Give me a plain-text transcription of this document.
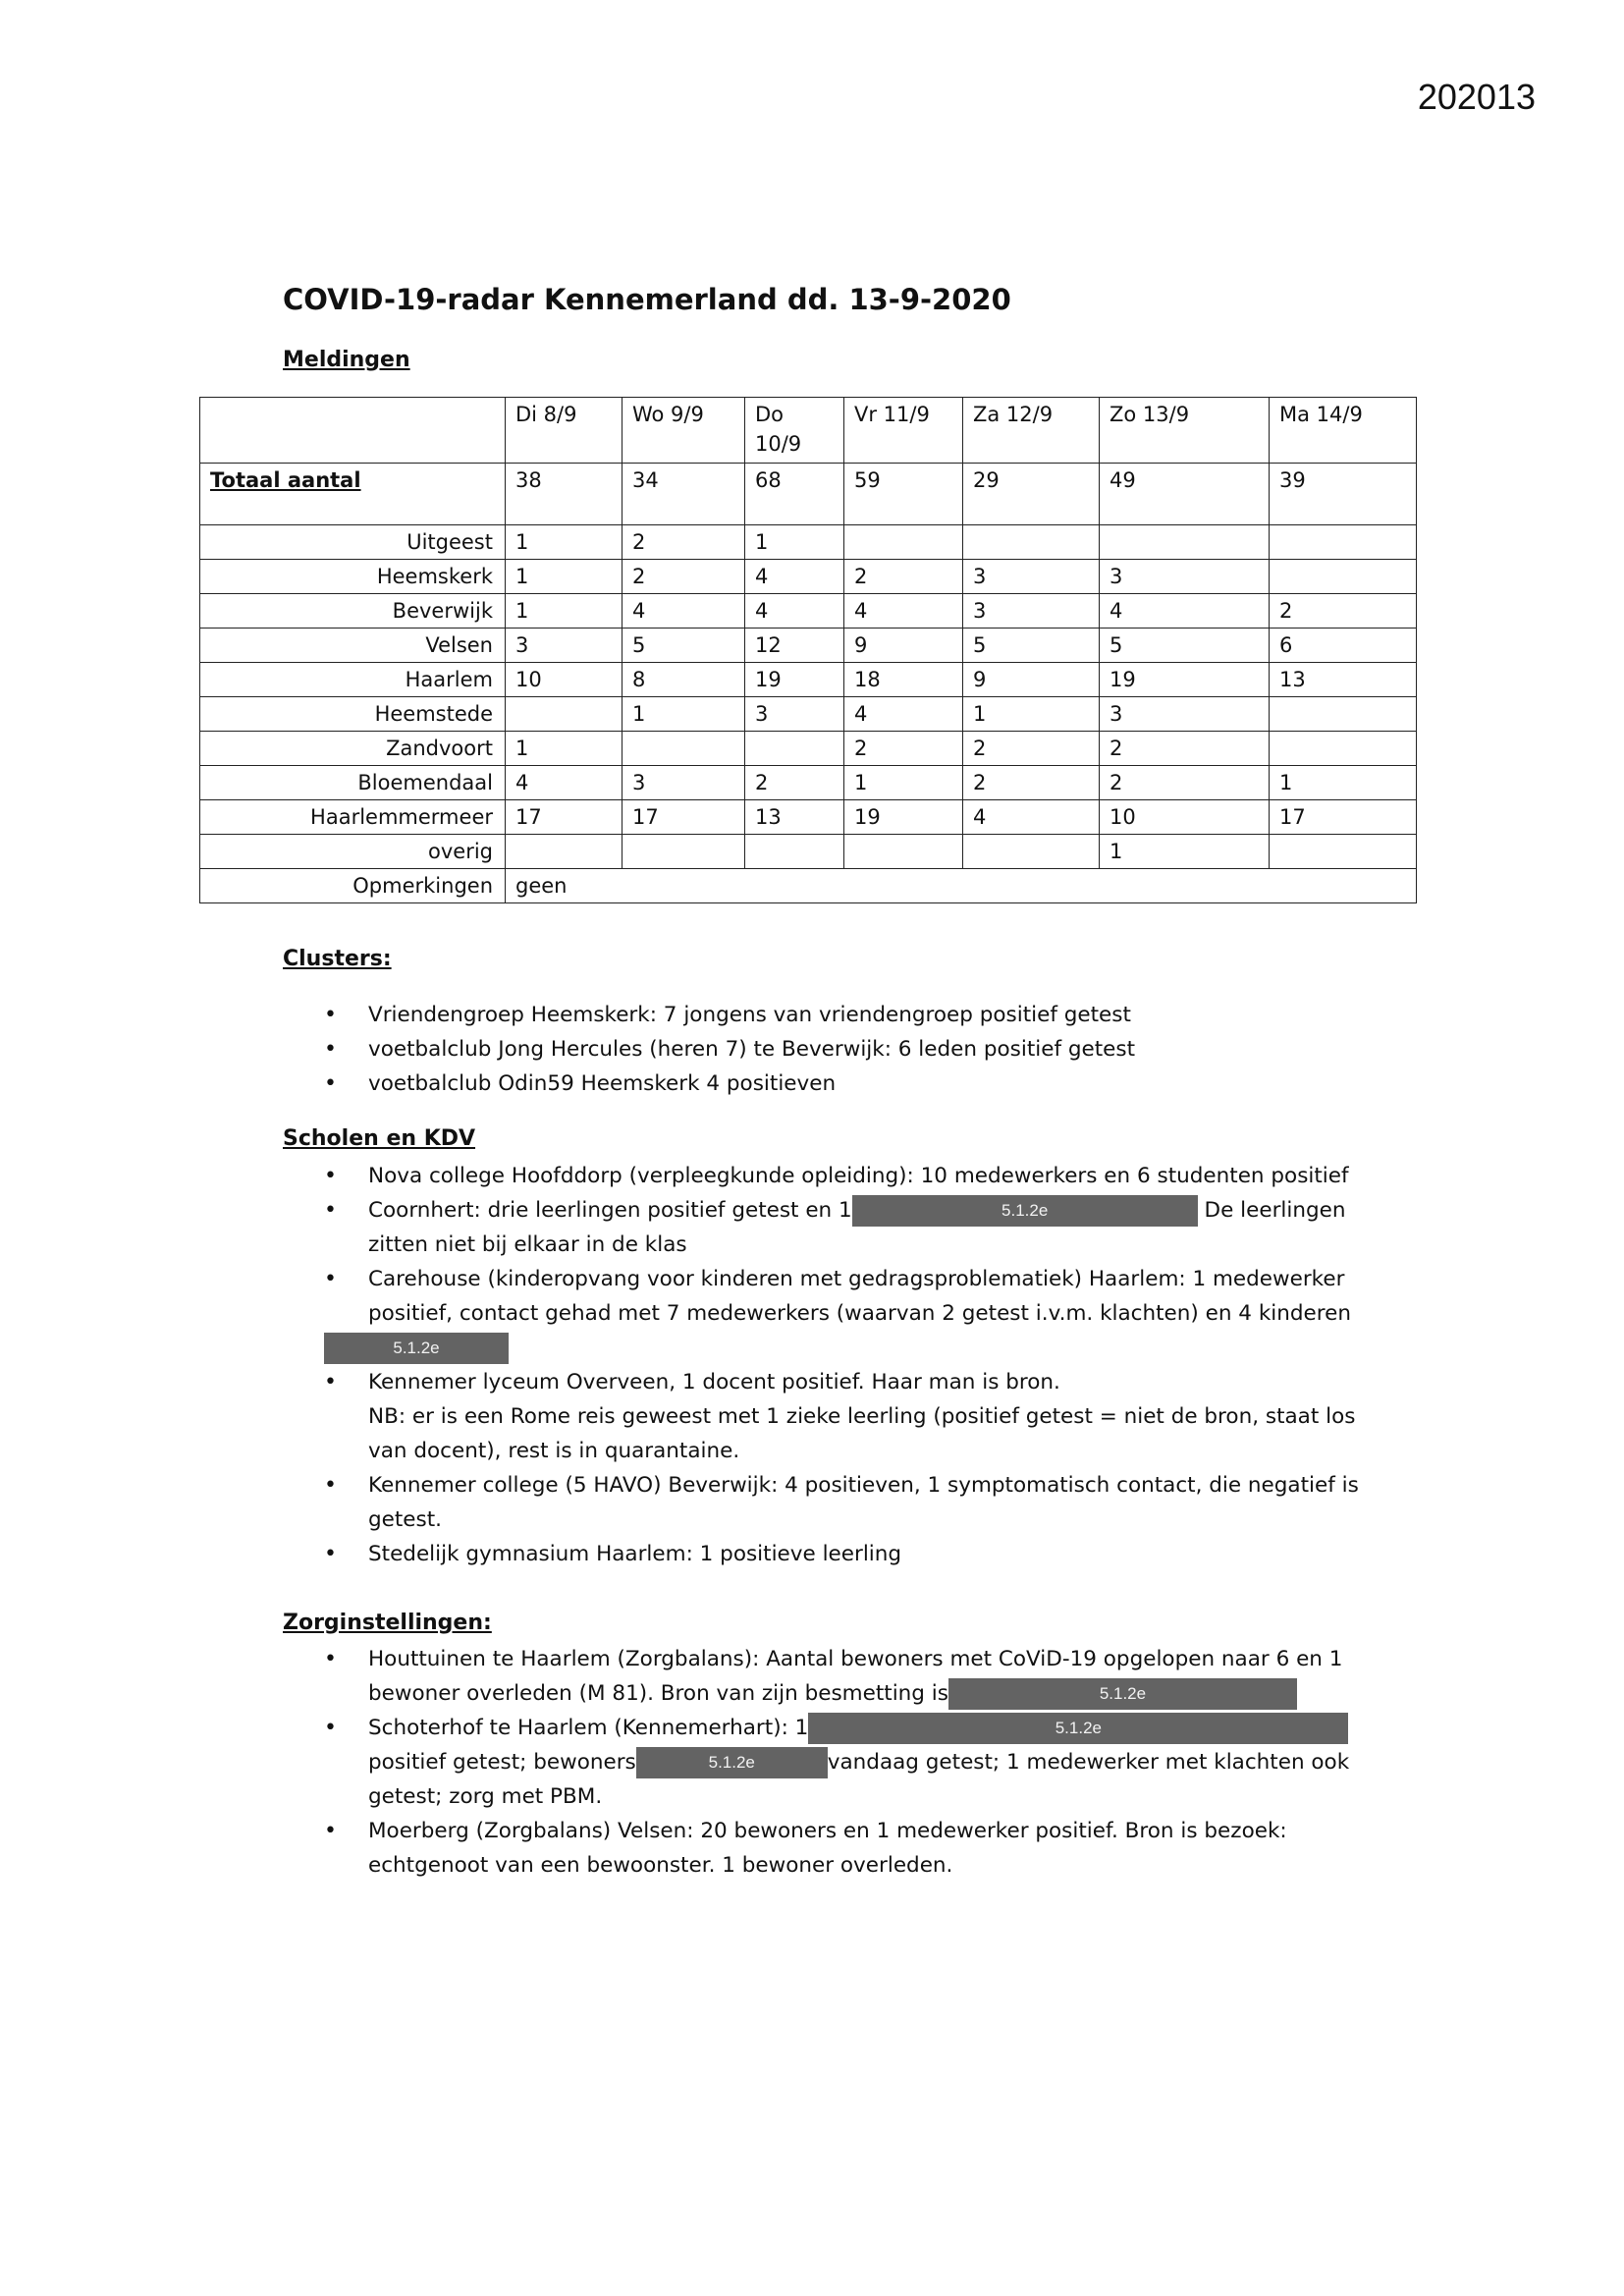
202013
COVID-19-radar Kennemerland dd. 13-9-2020
Meldingen
	Di 8/9	Wo 9/9	Do 10/9	Vr 11/9	Za 12/9	Zo 13/9	Ma 14/9
Totaal aantal	38	34	68	59	29	49	39
Uitgeest	1	2	1				
Heemskerk	1	2	4	2	3	3	
Beverwijk	1	4	4	4	3	4	2
Velsen	3	5	12	9	5	5	6
Haarlem	10	8	19	18	9	19	13
Heemstede		1	3	4	1	3	
Zandvoort	1			2	2	2	
Bloemendaal	4	3	2	1	2	2	1
Haarlemmermeer	17	17	13	19	4	10	17
overig						1	
Opmerkingen	geen						
Clusters:
• Vriendengroep Heemskerk: 7 jongens van vriendengroep positief getest
• voetbalclub Jong Hercules (heren 7) te Beverwijk: 6 leden positief getest
• voetbalclub Odin59 Heemskerk 4 positieven
Scholen en KDV
• Nova college Hoofddorp (verpleegkunde opleiding): 10 medewerkers en 6 studenten positief
• Coornhert: drie leerlingen positief getest en 1	5.1.2e	De leerlingen zitten niet bij elkaar in de klas
• Carehouse (kinderopvang voor kinderen met gedragsproblematiek) Haarlem: 1 medewerker positief, contact gehad met 7 medewerkers (waarvan 2 getest i.v.m. klachten) en 4 kinderen
5.1.2e
• Kennemer lyceum Overveen, 1 docent positief. Haar man is bron.
NB: er is een Rome reis geweest met 1 zieke leerling (positief getest = niet de bron, staat los van docent), rest is in quarantaine.
• Kennemer college (5 HAVO) Beverwijk: 4 positieven, 1 symptomatisch contact, die negatief is getest.
• Stedelijk gymnasium Haarlem: 1 positieve leerling
Zorginstellingen:
• Houttuinen te Haarlem (Zorgbalans): Aantal bewoners met CoViD-19 opgelopen naar 6 en 1 bewoner overleden (M 81). Bron van zijn besmetting is	5.1.2e
• Schoterhof te Haarlem (Kennemerhart): 1	5.1.2e
positief getest; bewoners	5.1.2e	vandaag getest; 1 medewerker met klachten ook getest; zorg met PBM.
• Moerberg (Zorgbalans) Velsen: 20 bewoners en 1 medewerker positief. Bron is bezoek: echtgenoot van een bewoonster. 1 bewoner overleden.
